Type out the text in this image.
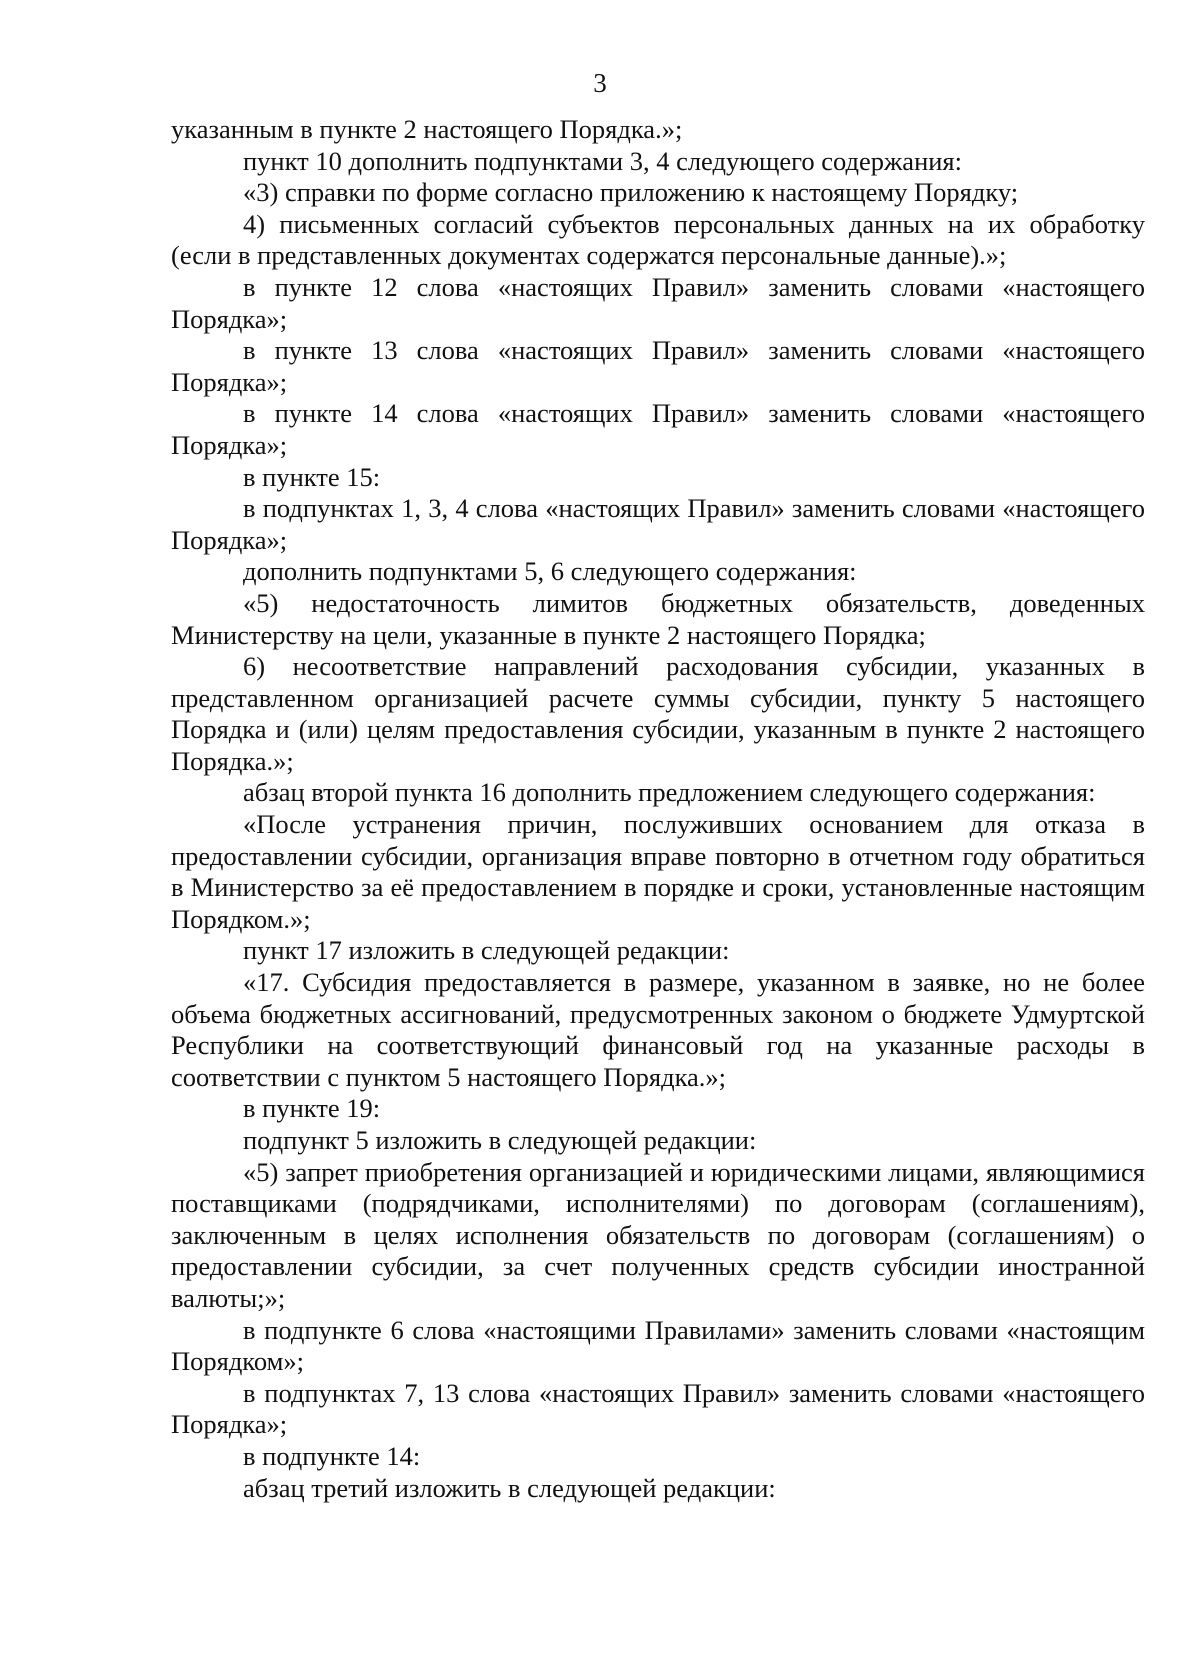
3

указанным в пункте 2 настоящего Порядка.»;

пункт 10 дополнить подпунктами 3, 4 следующего содержания:

«3) справки по форме согласно приложению к настоящему Порядку;

4) письменных согласий субъектов персональных данных на их обработку (если в представленных документах содержатся персональные данные).»;

в пункте 12 слова «настоящих Правил» заменить словами «настоящего Порядка»;

в пункте 13 слова «настоящих Правил» заменить словами «настоящего Порядка»;

в пункте 14 слова «настоящих Правил» заменить словами «настоящего Порядка»;

в пункте 15:

в подпунктах 1, 3, 4 слова «настоящих Правил» заменить словами «настоящего Порядка»;

дополнить подпунктами 5, 6 следующего содержания:

«5) недостаточность лимитов бюджетных обязательств, доведенных Министерству на цели, указанные в пункте 2 настоящего Порядка;

6) несоответствие направлений расходования субсидии, указанных в представленном организацией расчете суммы субсидии, пункту 5 настоящего Порядка и (или) целям предоставления субсидии, указанным в пункте 2 настоящего Порядка.»;

абзац второй пункта 16 дополнить предложением следующего содержания:

«После устранения причин, послуживших основанием для отказа в предоставлении субсидии, организация вправе повторно в отчетном году обратиться в Министерство за её предоставлением в порядке и сроки, установленные настоящим Порядком.»;

пункт 17 изложить в следующей редакции:

«17. Субсидия предоставляется в размере, указанном в заявке, но не более объема бюджетных ассигнований, предусмотренных законом о бюджете Удмуртской Республики на соответствующий финансовый год на указанные расходы в соответствии с пунктом 5 настоящего Порядка.»;

в пункте 19:

подпункт 5 изложить в следующей редакции:

«5) запрет приобретения организацией и юридическими лицами, являющимися поставщиками (подрядчиками, исполнителями) по договорам (соглашениям), заключенным в целях исполнения обязательств по договорам (соглашениям) о предоставлении субсидии, за счет полученных средств субсидии иностранной валюты;»;

в подпункте 6 слова «настоящими Правилами» заменить словами «настоящим Порядком»;

в подпунктах 7, 13 слова «настоящих Правил» заменить словами «настоящего Порядка»;

в подпункте 14:

абзац третий изложить в следующей редакции:
